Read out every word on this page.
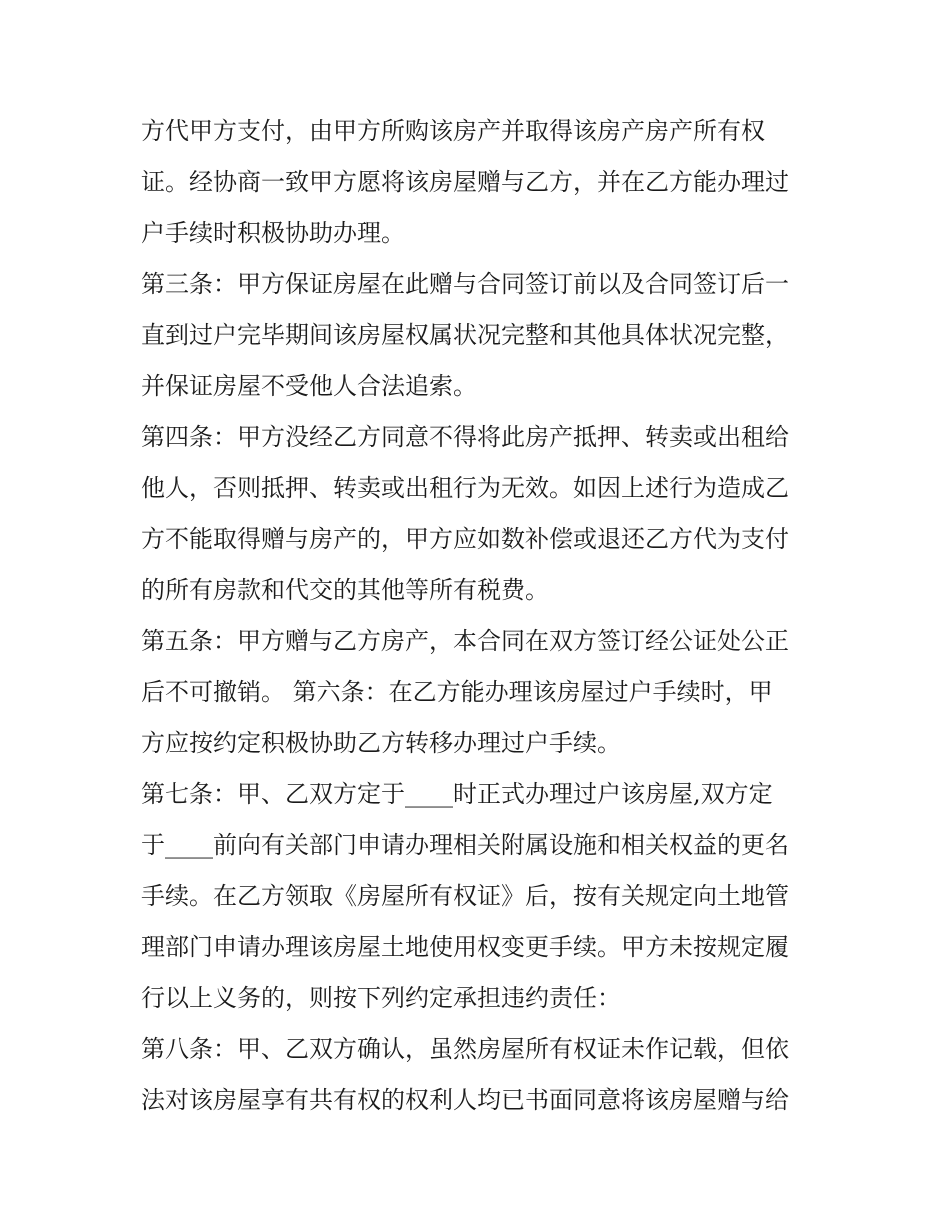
方代甲方支付，由甲方所购该房产并取得该房产房产所有权
证。经协商一致甲方愿将该房屋赠与乙方，并在乙方能办理过
户手续时积极协助办理。
第三条：甲方保证房屋在此赠与合同签订前以及合同签订后一
直到过户完毕期间该房屋权属状况完整和其他具体状况完整，
并保证房屋不受他人合法追索。
第四条：甲方没经乙方同意不得将此房产抵押、转卖或出租给
他人，否则抵押、转卖或出租行为无效。如因上述行为造成乙
方不能取得赠与房产的，甲方应如数补偿或退还乙方代为支付
的所有房款和代交的其他等所有税费。
第五条：甲方赠与乙方房产，本合同在双方签订经公证处公正
后不可撤销。 第六条：在乙方能办理该房屋过户手续时，甲
方应按约定积极协助乙方转移办理过户手续。
第七条：甲、乙双方定于____时正式办理过户该房屋,双方定
于____前向有关部门申请办理相关附属设施和相关权益的更名
手续。在乙方领取《房屋所有权证》后，按有关规定向土地管
理部门申请办理该房屋土地使用权变更手续。甲方未按规定履
行以上义务的，则按下列约定承担违约责任：
第八条：甲、乙双方确认，虽然房屋所有权证未作记载，但依
法对该房屋享有共有权的权利人均已书面同意将该房屋赠与给
